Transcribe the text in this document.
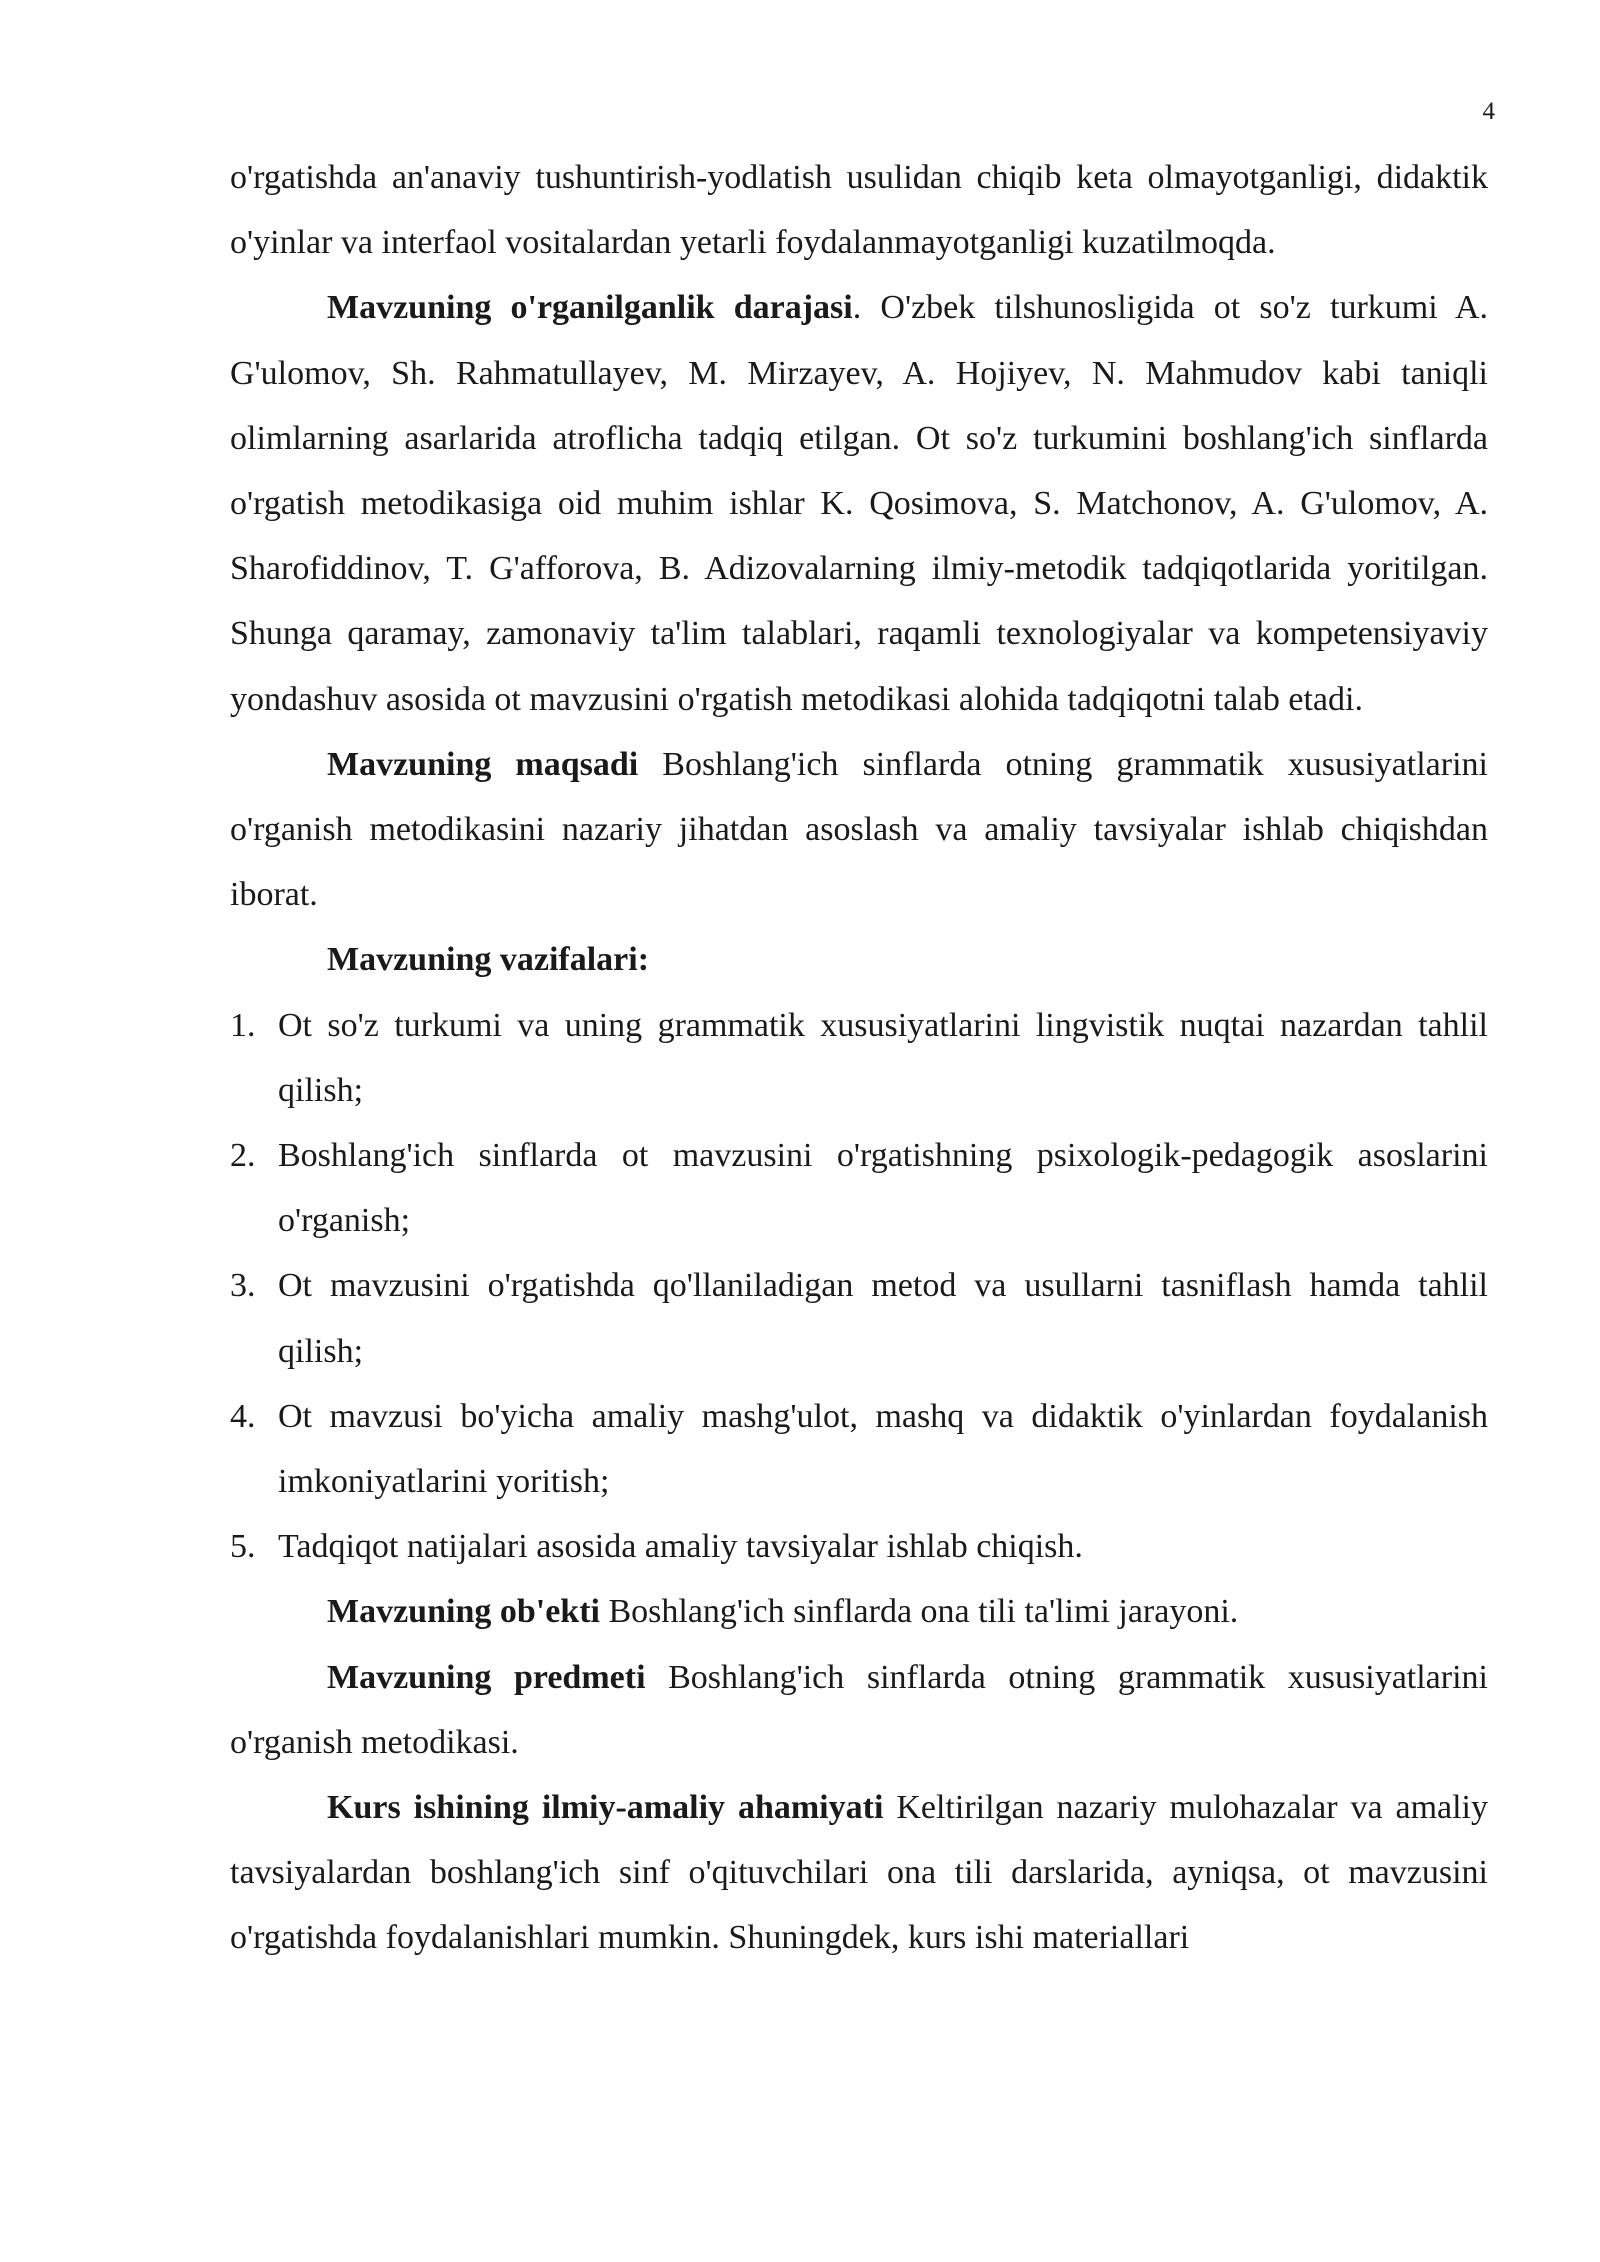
4

o'rgatishda an'anaviy tushuntirish-yodlatish usulidan chiqib keta olmayotganligi, didaktik o'yinlar va interfaol vositalardan yetarli foydalanmayotganligi kuzatilmoqda.

Mavzuning o'rganilganlik darajasi. O'zbek tilshunosligida ot so'z turkumi A. G'ulomov, Sh. Rahmatullayev, M. Mirzayev, A. Hojiyev, N. Mahmudov kabi taniqli olimlarning asarlarida atroflicha tadqiq etilgan. Ot so'z turkumini boshlang'ich sinflarda o'rgatish metodikasiga oid muhim ishlar K. Qosimova, S. Matchonov, A. G'ulomov, A. Sharofiddinov, T. G'afforova, B. Adizovalarning ilmiy-metodik tadqiqotlarida yoritilgan. Shunga qaramay, zamonaviy ta'lim talablari, raqamli texnologiyalar va kompetensiyaviy yondashuv asosida ot mavzusini o'rgatish metodikasi alohida tadqiqotni talab etadi.

Mavzuning maqsadi Boshlang'ich sinflarda otning grammatik xususiyatlarini o'rganish metodikasini nazariy jihatdan asoslash va amaliy tavsiyalar ishlab chiqishdan iborat.

Mavzuning vazifalari:

1. Ot so'z turkumi va uning grammatik xususiyatlarini lingvistik nuqtai nazardan tahlil qilish;
2. Boshlang'ich sinflarda ot mavzusini o'rgatishning psixologik-pedagogik asoslarini o'rganish;
3. Ot mavzusini o'rgatishda qo'llaniladigan metod va usullarni tasniflash hamda tahlil qilish;
4. Ot mavzusi bo'yicha amaliy mashg'ulot, mashq va didaktik o'yinlardan foydalanish imkoniyatlarini yoritish;
5. Tadqiqot natijalari asosida amaliy tavsiyalar ishlab chiqish.

Mavzuning ob'ekti Boshlang'ich sinflarda ona tili ta'limi jarayoni.

Mavzuning predmeti Boshlang'ich sinflarda otning grammatik xususiyatlarini o'rganish metodikasi.

Kurs ishining ilmiy-amaliy ahamiyati Keltirilgan nazariy mulohazalar va amaliy tavsiyalardan boshlang'ich sinf o'qituvchilari ona tili darslarida, ayniqsa, ot mavzusini o'rgatishda foydalanishlari mumkin. Shuningdek, kurs ishi materiallari
